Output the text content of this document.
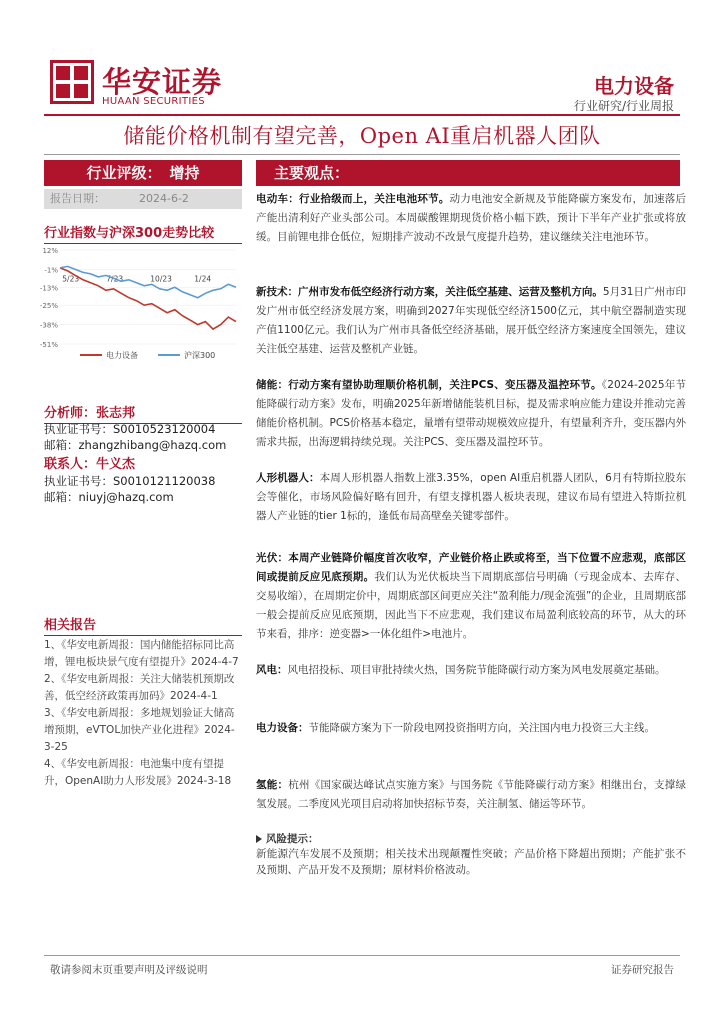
华安证券
HUAAN SECURITIES
电力设备
行业研究/行业周报
储能价格机制有望完善，Open AI重启机器人团队
行业评级： 增持
报告日期：	2024-6-2
行业指数与沪深300走势比较
12%
-1%
-13%
-25%
-38%
-51%
5/23	7/23	10/23	1/24
电力设备	沪深300
分析师：张志邦
执业证书号：S0010523120004
邮箱：zhangzhibang@hazq.com
联系人：牛义杰
执业证书号：S0010121120038
邮箱：niuyj@hazq.com
相关报告
1、《华安电新周报：国内储能招标同比高增，锂电板块景气度有望提升》2024-4-7
2、《华安电新周报：关注大储装机预期改善，低空经济政策再加码》2024-4-1
3、《华安电新周报：多地规划验证大储高增预期，eVTOL加快产业化进程》2024-3-25
4、《华安电新周报：电池集中度有望提升，OpenAI助力人形发展》2024-3-18
主要观点：
电动车：行业拾级而上，关注电池环节。动力电池安全新规及节能降碳方案发布，加速落后产能出清利好产业头部公司。本周碳酸锂期现货价格小幅下跌，预计下半年产业扩张或将放缓。目前锂电排仓低位，短期排产波动不改景气度提升趋势，建议继续关注电池环节。
新技术：广州市发布低空经济行动方案，关注低空基建、运营及整机方向。5月31日广州市印发广州市低空经济发展方案，明确到2027年实现低空经济1500亿元，其中航空器制造实现产值1100亿元。我们认为广州市具备低空经济基础，展开低空经济方案速度全国领先，建议关注低空基建、运营及整机产业链。
储能：行动方案有望协助理顺价格机制，关注PCS、变压器及温控环节。《2024-2025年节能降碳行动方案》发布，明确2025年新增储能装机目标，提及需求响应能力建设并推动完善储能价格机制。PCS价格基本稳定，量增有望带动规模效应提升，有望量利齐升，变压器内外需求共振，出海逻辑持续兑现。关注PCS、变压器及温控环节。
人形机器人：本周人形机器人指数上涨3.35%，open AI重启机器人团队，6月有特斯拉股东会等催化，市场风险偏好略有回升，有望支撑机器人板块表现，建议布局有望进入特斯拉机器人产业链的tier 1标的，逢低布局高壁垒关键零部件。
光伏：本周产业链降价幅度首次收窄，产业链价格止跌或将至，当下位置不应悲观，底部区间或提前反应见底预期。我们认为光伏板块当下周期底部信号明确（亏现金成本、去库存、交易收缩），在周期定价中，周期底部区间更应关注“盈利能力/现金流强”的企业，且周期底部一般会提前反应见底预期，因此当下不应悲观，我们建议布局盈利底较高的环节，从大的环节来看，排序：逆变器>一体化组件>电池片。
风电：风电招投标、项目审批持续火热，国务院节能降碳行动方案为风电发展奠定基础。
电力设备：节能降碳方案为下一阶段电网投资指明方向，关注国内电力投资三大主线。
氢能：杭州《国家碳达峰试点实施方案》与国务院《节能降碳行动方案》相继出台，支撑绿氢发展。二季度风光项目启动将加快招标节奏，关注制氢、储运等环节。
风险提示：
新能源汽车发展不及预期；相关技术出现颠覆性突破；产品价格下降超出预期；产能扩张不及预期、产品开发不及预期；原材料价格波动。
敬请参阅末页重要声明及评级说明	证券研究报告
